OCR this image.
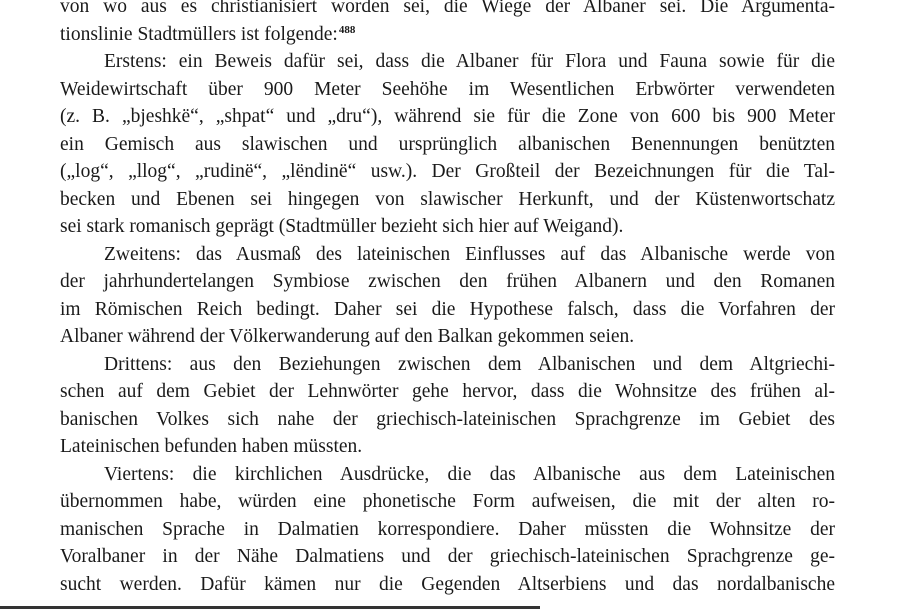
von wo aus es christianisiert worden sei, die Wiege der Albaner sei. Die Argumenta-
tionslinie Stadtmüllers ist folgende:$^{488}$
Erstens: ein Beweis dafür sei, dass die Albaner für Flora und Fauna sowie für die
Weidewirtschaft über 900 Meter Seehöhe im Wesentlichen Erbwörter verwendeten
(z. B. „bjeshkë“, „shpat“ und „dru“), während sie für die Zone von 600 bis 900 Meter
ein Gemisch aus slawischen und ursprünglich albanischen Benennungen benützten
(„log“, „llog“, „rudinë“, „lëndinë“ usw.). Der Großteil der Bezeichnungen für die Tal-
becken und Ebenen sei hingegen von slawischer Herkunft, und der Küstenwortschatz
sei stark romanisch geprägt (Stadtmüller bezieht sich hier auf Weigand).
Zweitens: das Ausmaß des lateinischen Einflusses auf das Albanische werde von
der jahrhundertelangen Symbiose zwischen den frühen Albanern und den Romanen
im Römischen Reich bedingt. Daher sei die Hypothese falsch, dass die Vorfahren der
Albaner während der Völkerwanderung auf den Balkan gekommen seien.
Drittens: aus den Beziehungen zwischen dem Albanischen und dem Altgriechi-
schen auf dem Gebiet der Lehnwörter gehe hervor, dass die Wohnsitze des frühen al-
banischen Volkes sich nahe der griechisch-lateinischen Sprachgrenze im Gebiet des
Lateinischen befunden haben müssten.
Viertens: die kirchlichen Ausdrücke, die das Albanische aus dem Lateinischen
übernommen habe, würden eine phonetische Form aufweisen, die mit der alten ro-
manischen Sprache in Dalmatien korrespondiere. Daher müssten die Wohnsitze der
Voralbaner in der Nähe Dalmatiens und der griechisch-lateinischen Sprachgrenze ge-
sucht werden. Dafür kämen nur die Gegenden Altserbiens und das nordalbanische
